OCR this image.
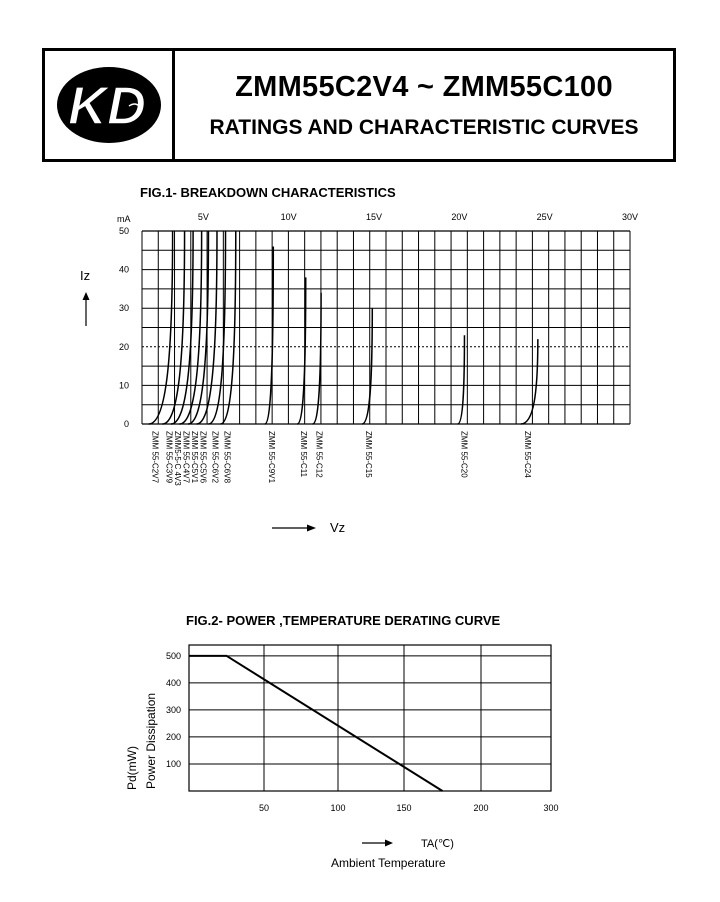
KD	ZMM55C2V4 ~ ZMM55C100
RATINGS AND CHARACTERISTIC CURVES
FIG.1- BREAKDOWN CHARACTERISTICS
FIG.2- POWER ,TEMPERATURE DERATING CURVE
5V	10V	15V	20V	25V	30V
0
10
20
30
40
50
ZMM 55-C2V7 ZMM 55-C3V9 ZMM5-5-C 4V3 ZMM 55-C4V7 ZMM 55-C5V1 ZMM 55-C5V6 ZMM 55-C6V2 ZMM 55-C6V8	ZMM 55-C9V1	ZMM 55-C11 ZMM 55-C12	ZMM 55-C15	ZMM 55-C20	ZMM 55-C24
mA
Iz
Vz
50	100	150	200	300
100
200
300
400
500
Pd(mW) Power Dissipation
TA(℃)
Ambient Temperature
